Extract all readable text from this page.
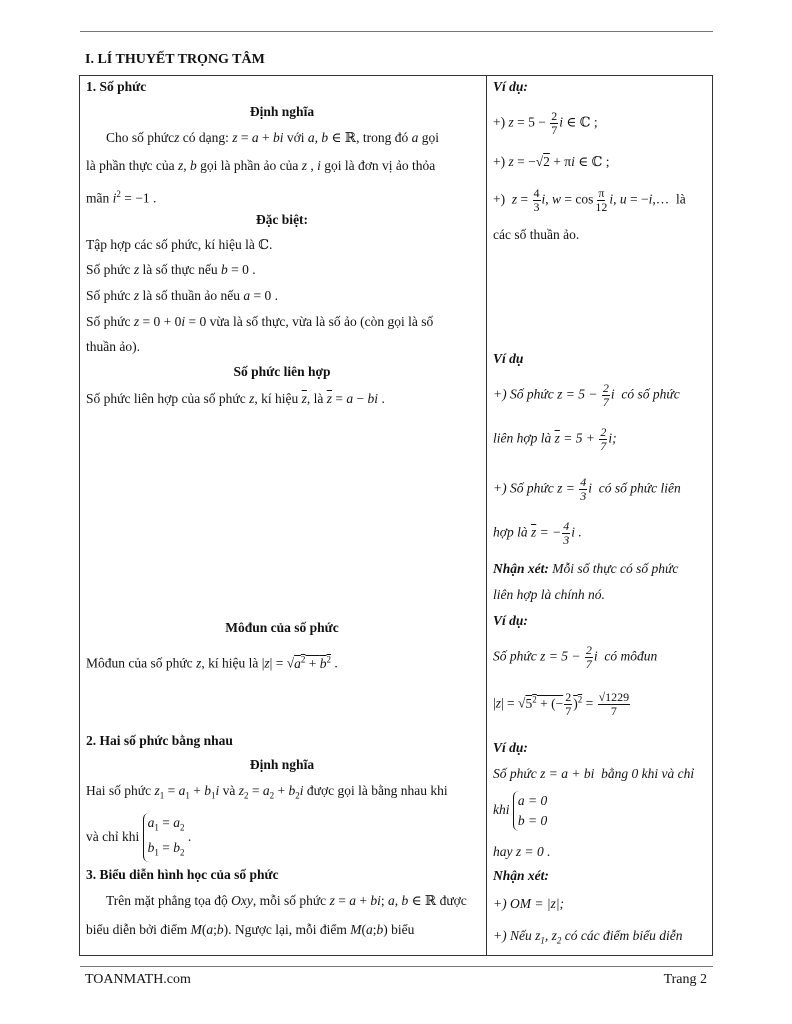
I. LÍ THUYẾT TRỌNG TÂM
1. Số phức
Định nghĩa
Cho số phứcz có dạng: z = a + bi với a, b ∈ ℝ, trong đó a gọi
là phần thực của z, b gọi là phần ảo của z , i gọi là đơn vị ảo thỏa
mãn $i^2 = -1$ .
Đặc biệt:
Tập hợp các số phức, kí hiệu là ℂ.
Số phức z là số thực nếu b = 0 .
Số phức z là số thuần ảo nếu a = 0 .
Số phức z = 0 + 0i = 0 vừa là số thực, vừa là số ảo (còn gọi là số
thuần ảo).
Số phức liên hợp
Số phức liên hợp của số phức z, kí hiệu $\overline{z}$, là $\overline{z} = a$ − bi .
Môđun của số phức
Môđun của số phức z, kí hiệu là $|z| = √a^2 + b^2$ .
2. Hai số phức bằng nhau
Định nghĩa
Hai số phức $z_1 = a_1 + b_1i$ và $z_2 = a_2 + b_2i$ được gọi là bằng nhau khi
và chỉ khi $a_1 = a_2$
$b_1 = b_2$ .
3. Biểu diễn hình học của số phức
Trên mặt phẳng tọa độ Oxy, mỗi số phức z = a + bi; a, b ∈ ℝ được
biểu diễn bởi điểm M(a;b). Ngược lại, mỗi điểm M(a;b) biểu
Ví dụ:
+) $z = 5 - \frac{2}{7}$ i ∈ ℂ ;
+) z = −√2 + πi ∈ ℂ ;
+)  $z = \frac{4}{3} i$, $w = \cos \frac{\pi}{12} i$, u = −i,…  là
các số thuần ảo.
Ví dụ
+) Số phức $z = 5 - \frac{2}{7}$ i có số phức
liên hợp là $\overline{z} = 5 + \frac{2}{7} i$;
+) Số phức $z = \frac{4}{3}$ i có số phức liên
hợp là $\overline{z}$ = − $\frac{4}{3}$ i .
Nhận xét: Mỗi số thực có số phức
liên hợp là chính nó.
Ví dụ:
Số phức $z = 5 - \frac{2}{7}$ i có môđun
$|z| = √5^2$ + (− $\frac{2}{7} )^2 = \frac{√1229}{7}$
Ví dụ:
Số phức z = a + bi bằng 0 khi và chỉ
khi a = 0
b = 0
hay z = 0 .
Nhận xét:
+) OM = |z|;
+) Nếu $z_1$, $z_2$ có các điểm biểu diễn
TOANMATH.com	Trang 2
